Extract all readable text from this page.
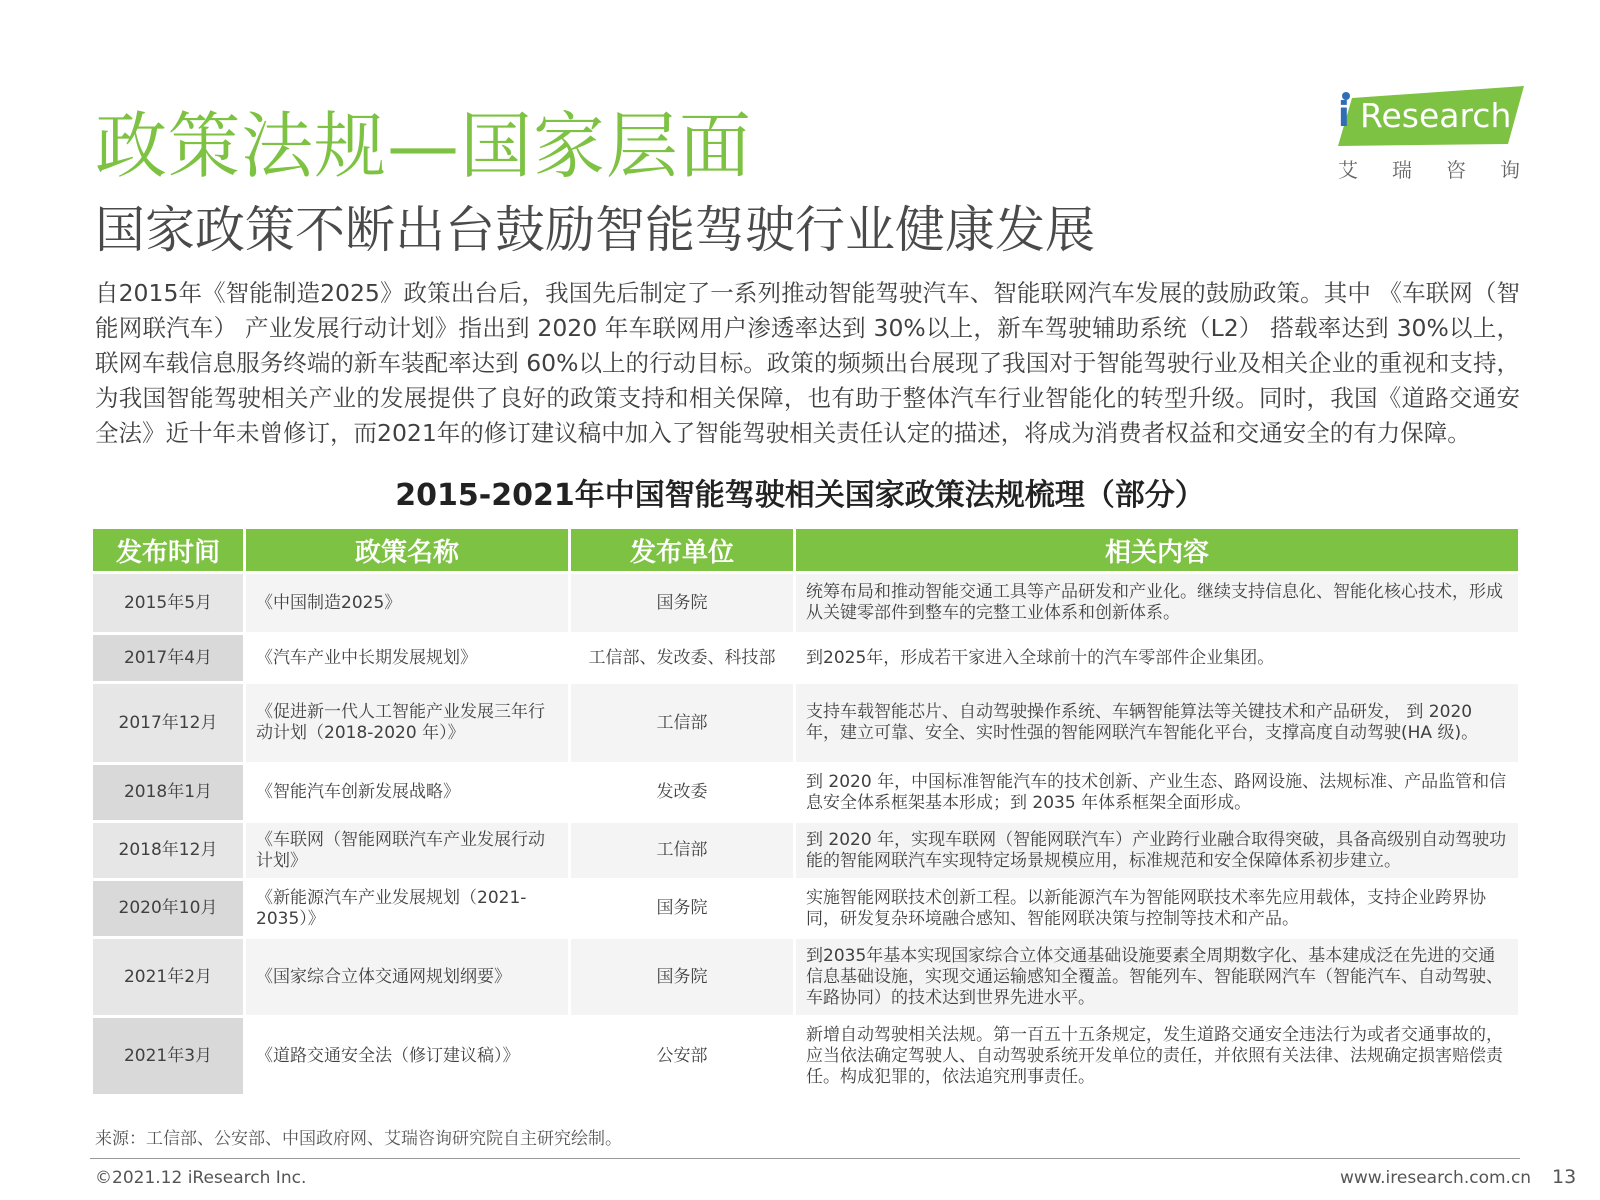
政策法规—国家层面
国家政策不断出台鼓励智能驾驶行业健康发展
i Research
艾瑞咨询

自2015年《智能制造2025》政策出台后，我国先后制定了一系列推动智能驾驶汽车、智能联网汽车发展的鼓励政策。其中 《车联网（智能网联汽车） 产业发展行动计划》指出到 2020 年车联网用户渗透率达到 30%以上，新车驾驶辅助系统（L2） 搭载率达到 30%以上，联网车载信息服务终端的新车装配率达到 60%以上的行动目标。政策的频频出台展现了我国对于智能驾驶行业及相关企业的重视和支持，为我国智能驾驶相关产业的发展提供了良好的政策支持和相关保障，也有助于整体汽车行业智能化的转型升级。同时，我国《道路交通安全法》近十年未曾修订，而2021年的修订建议稿中加入了智能驾驶相关责任认定的描述，将成为消费者权益和交通安全的有力保障。

2015-2021年中国智能驾驶相关国家政策法规梳理（部分）
发布时间	政策名称	发布单位	相关内容
2015年5月	《中国制造2025》	国务院	统筹布局和推动智能交通工具等产品研发和产业化。继续支持信息化、智能化核心技术，形成从关键零部件到整车的完整工业体系和创新体系。
2017年4月	《汽车产业中长期发展规划》	工信部、发改委、科技部	到2025年，形成若干家进入全球前十的汽车零部件企业集团。
2017年12月	《促进新一代人工智能产业发展三年行动计划（2018-2020 年）》	工信部	支持车载智能芯片、自动驾驶操作系统、车辆智能算法等关键技术和产品研发， 到 2020 年，建立可靠、安全、实时性强的智能网联汽车智能化平台，支撑高度自动驾驶(HA 级)。
2018年1月	《智能汽车创新发展战略》	发改委	到 2020 年，中国标准智能汽车的技术创新、产业生态、路网设施、法规标准、产品监管和信息安全体系框架基本形成；到 2035 年体系框架全面形成。
2018年12月	《车联网（智能网联汽车产业发展行动计划》	工信部	到 2020 年，实现车联网（智能网联汽车）产业跨行业融合取得突破，具备高级别自动驾驶功能的智能网联汽车实现特定场景规模应用，标准规范和安全保障体系初步建立。
2020年10月	《新能源汽车产业发展规划（2021-2035）》	国务院	实施智能网联技术创新工程。以新能源汽车为智能网联技术率先应用载体，支持企业跨界协同，研发复杂环境融合感知、智能网联决策与控制等技术和产品。
2021年2月	《国家综合立体交通网规划纲要》	国务院	到2035年基本实现国家综合立体交通基础设施要素全周期数字化、基本建成泛在先进的交通信息基础设施，实现交通运输感知全覆盖。智能列车、智能联网汽车（智能汽车、自动驾驶、车路协同）的技术达到世界先进水平。
2021年3月	《道路交通安全法（修订建议稿）》	公安部	新增自动驾驶相关法规。第一百五十五条规定，发生道路交通安全违法行为或者交通事故的，应当依法确定驾驶人、自动驾驶系统开发单位的责任，并依照有关法律、法规确定损害赔偿责任。构成犯罪的，依法追究刑事责任。
来源：工信部、公安部、中国政府网、艾瑞咨询研究院自主研究绘制。
©2021.12 iResearch Inc.	www.iresearch.com.cn 13
